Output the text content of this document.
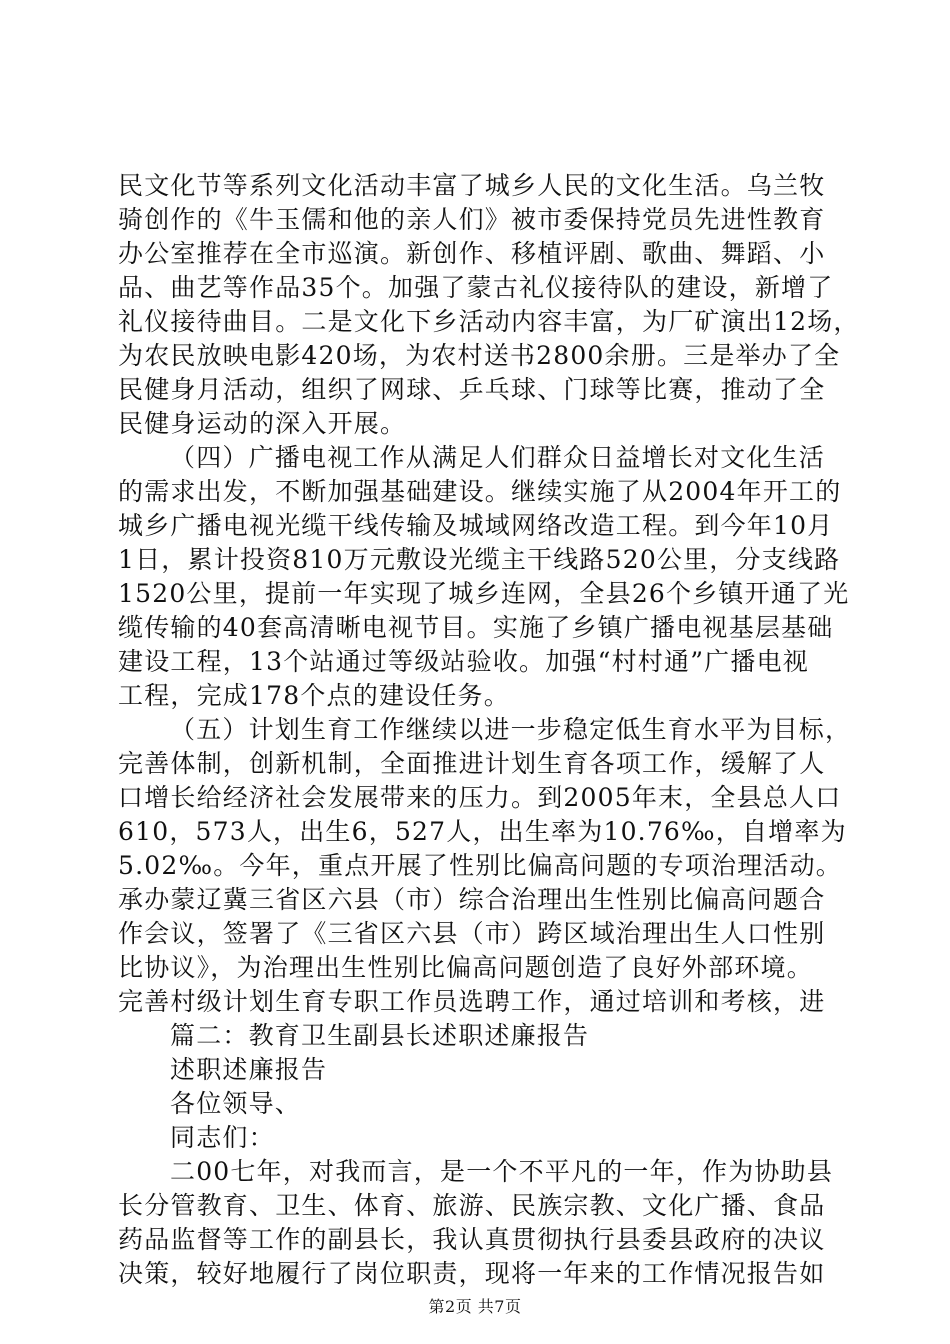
民文化节等系列文化活动丰富了城乡人民的文化生活。乌兰牧
骑创作的《牛玉儒和他的亲人们》被市委保持党员先进性教育
办公室推荐在全市巡演。新创作、移植评剧、歌曲、舞蹈、小
品、曲艺等作品35个。加强了蒙古礼仪接待队的建设，新增了
礼仪接待曲目。二是文化下乡活动内容丰富，为厂矿演出12场，
为农民放映电影420场，为农村送书2800余册。三是举办了全
民健身月活动，组织了网球、乒乓球、门球等比赛，推动了全
民健身运动的深入开展。
（四）广播电视工作从满足人们群众日益增长对文化生活
的需求出发，不断加强基础建设。继续实施了从2004年开工的
城乡广播电视光缆干线传输及城域网络改造工程。到今年10月
1日，累计投资810万元敷设光缆主干线路520公里，分支线路
1520公里，提前一年实现了城乡连网，全县26个乡镇开通了光
缆传输的40套高清晰电视节目。实施了乡镇广播电视基层基础
建设工程，13个站通过等级站验收。加强“村村通”广播电视
工程，完成178个点的建设任务。
（五）计划生育工作继续以进一步稳定低生育水平为目标，
完善体制，创新机制，全面推进计划生育各项工作，缓解了人
口增长给经济社会发展带来的压力。到2005年末，全县总人口
610，573人，出生6，527人，出生率为10.76‰，自增率为
5.02‰。今年，重点开展了性别比偏高问题的专项治理活动。
承办蒙辽冀三省区六县（市）综合治理出生性别比偏高问题合
作会议，签署了《三省区六县（市）跨区域治理出生人口性别
比协议》，为治理出生性别比偏高问题创造了良好外部环境。
完善村级计划生育专职工作员选聘工作，通过培训和考核，进
篇二：教育卫生副县长述职述廉报告
述职述廉报告
各位领导、
同志们：
二00七年，对我而言，是一个不平凡的一年，作为协助县
长分管教育、卫生、体育、旅游、民族宗教、文化广播、食品
药品监督等工作的副县长，我认真贯彻执行县委县政府的决议
决策，较好地履行了岗位职责，现将一年来的工作情况报告如
第2页 共7页
